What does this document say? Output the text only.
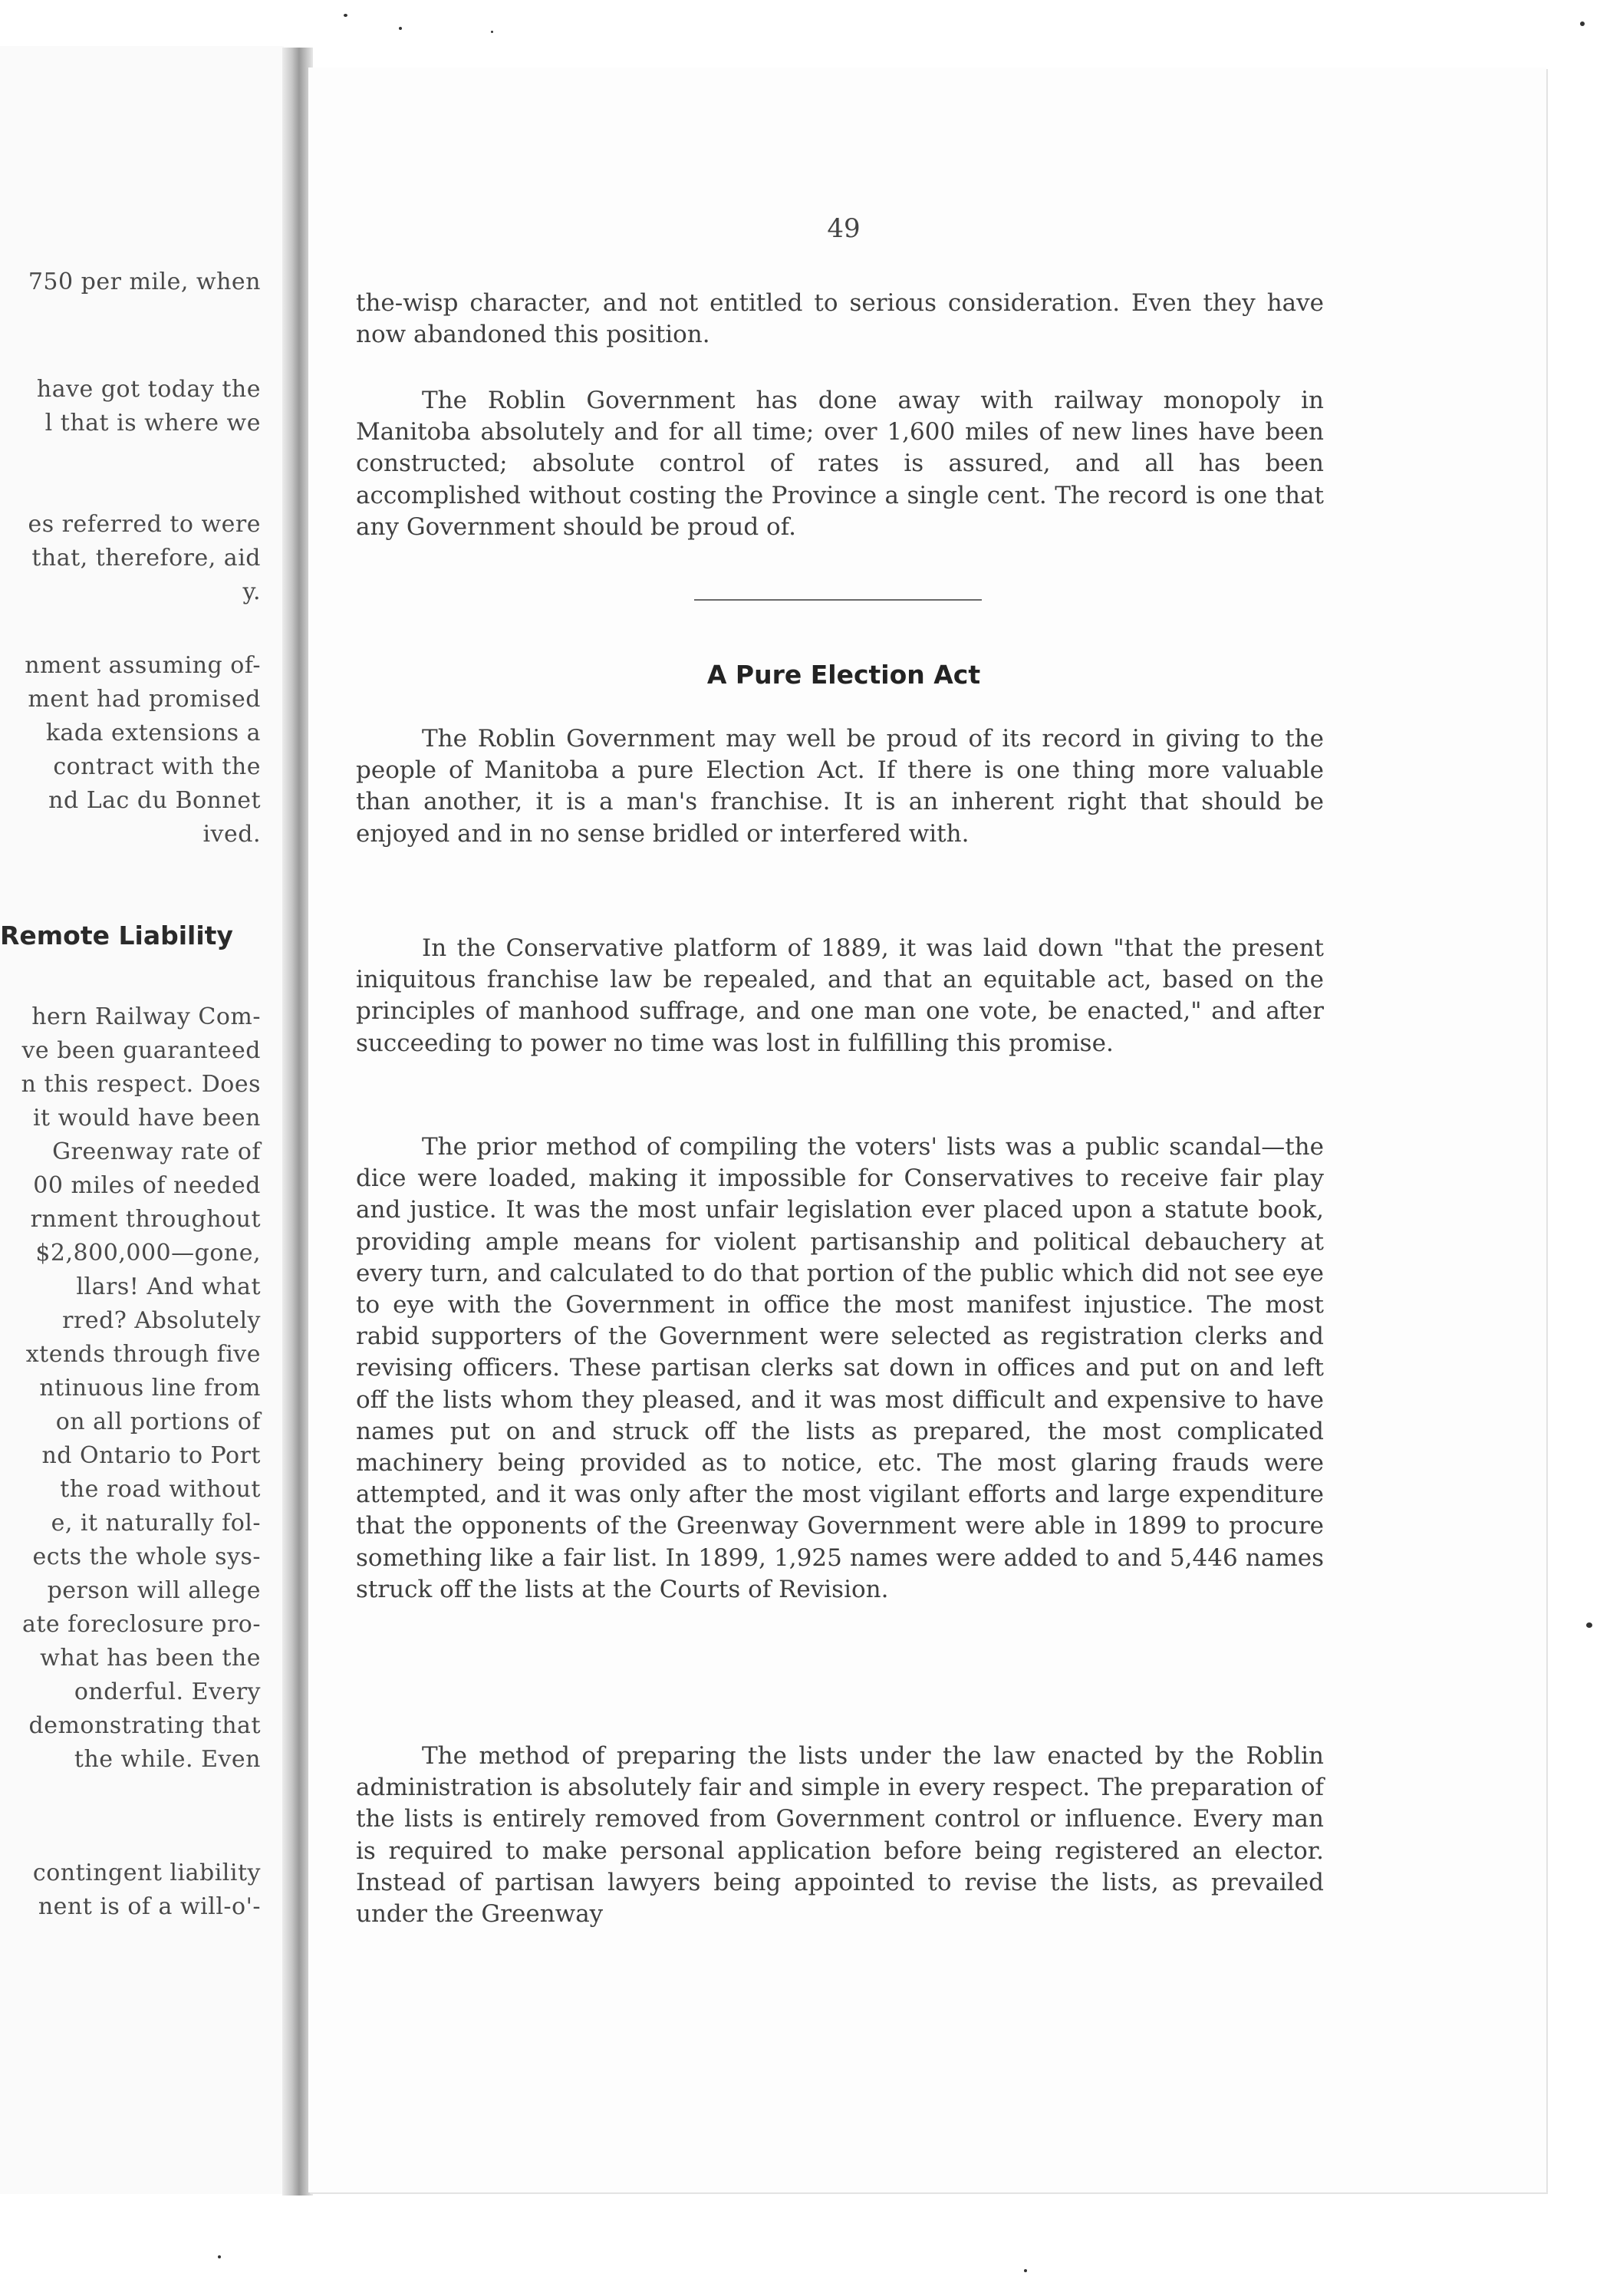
750 per mile, when
have got today the
l that is where we
es referred to were
that, therefore, aid
y.
nment assuming of-
ment had promised
kada extensions a
contract with the
nd Lac du Bonnet
ived.
Remote Liability
hern Railway Com-
ve been guaranteed
n this respect. Does
it would have been
Greenway rate of
00 miles of needed
rnment throughout
$2,800,000—gone,
llars! And what
rred? Absolutely
xtends through five
ntinuous line from
on all portions of
nd Ontario to Port
the road without
e, it naturally fol-
ects the whole sys-
person will allege
ate foreclosure pro-
what has been the
onderful. Every
demonstrating that
the while. Even
contingent liability
nent is of a will-o'-
49

the-wisp character, and not entitled to serious consideration. Even they have now abandoned this position.

The Roblin Government has done away with railway monopoly in Manitoba absolutely and for all time; over 1,600 miles of new lines have been constructed; absolute control of rates is assured, and all has been accomplished without costing the Province a single cent. The record is one that any Government should be proud of.

A Pure Election Act

The Roblin Government may well be proud of its record in giving to the people of Manitoba a pure Election Act. If there is one thing more valuable than another, it is a man's franchise. It is an inherent right that should be enjoyed and in no sense bridled or interfered with.

In the Conservative platform of 1889, it was laid down "that the present iniquitous franchise law be repealed, and that an equitable act, based on the principles of manhood suffrage, and one man one vote, be enacted," and after succeeding to power no time was lost in fulfilling this promise.

The prior method of compiling the voters' lists was a public scandal—the dice were loaded, making it impossible for Conservatives to receive fair play and justice. It was the most unfair legislation ever placed upon a statute book, providing ample means for violent partisanship and political debauchery at every turn, and calculated to do that portion of the public which did not see eye to eye with the Government in office the most manifest injustice. The most rabid supporters of the Government were selected as registration clerks and revising officers. These partisan clerks sat down in offices and put on and left off the lists whom they pleased, and it was most difficult and expensive to have names put on and struck off the lists as prepared, the most complicated machinery being provided as to notice, etc. The most glaring frauds were attempted, and it was only after the most vigilant efforts and large expenditure that the opponents of the Greenway Government were able in 1899 to procure something like a fair list. In 1899, 1,925 names were added to and 5,446 names struck off the lists at the Courts of Revision.

The method of preparing the lists under the law enacted by the Roblin administration is absolutely fair and simple in every respect. The preparation of the lists is entirely removed from Government control or influence. Every man is required to make personal application before being registered an elector. Instead of partisan lawyers being appointed to revise the lists, as prevailed under the Greenway
